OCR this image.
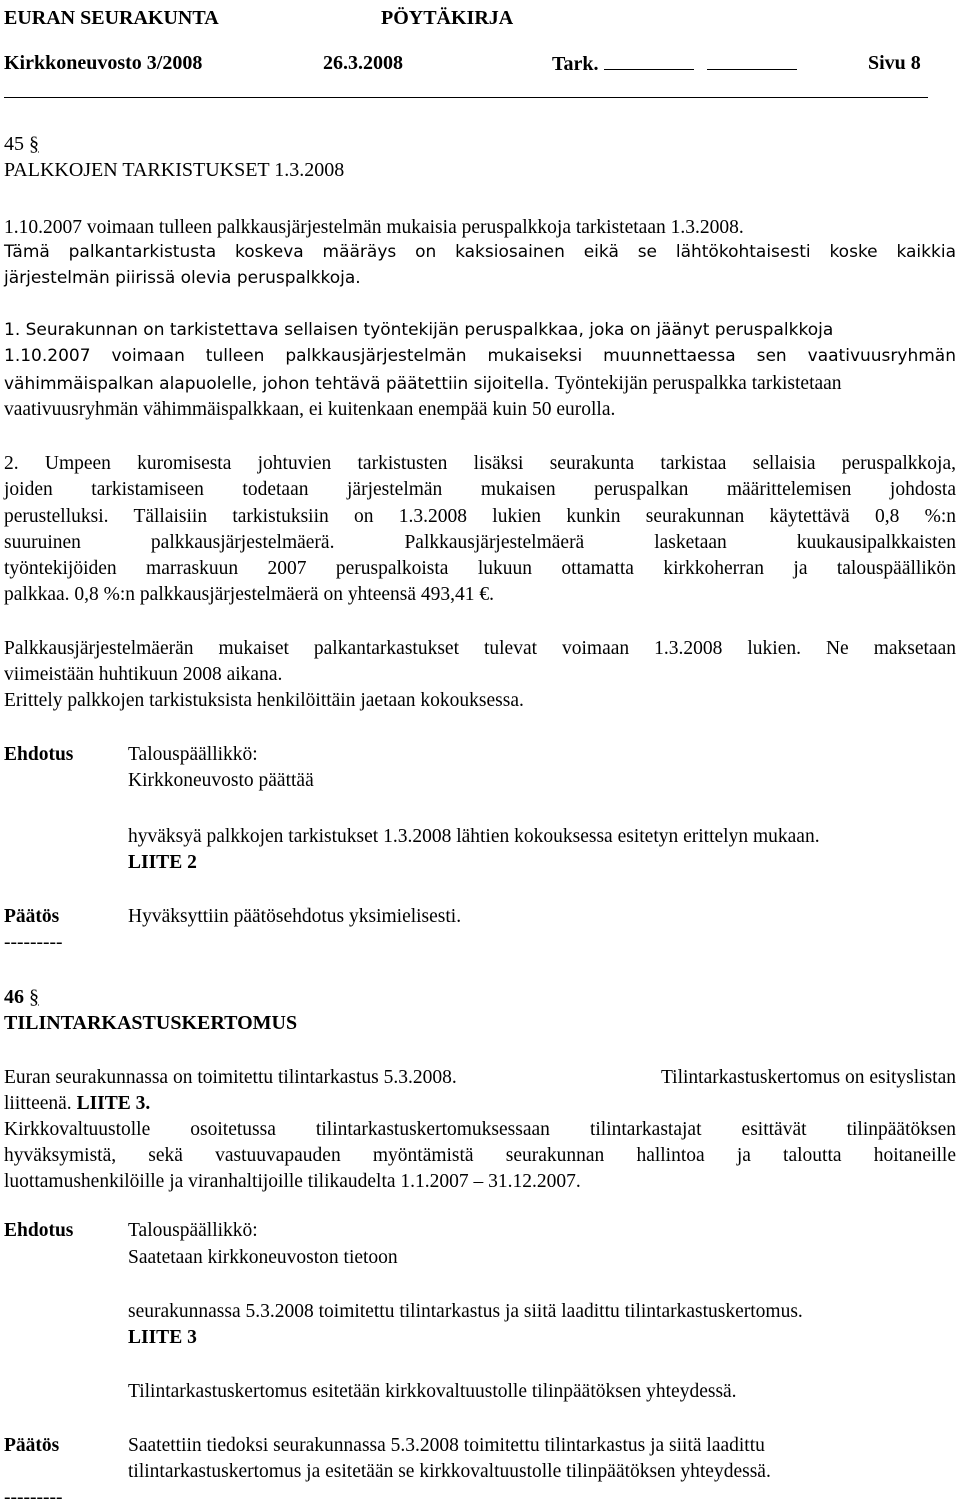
EURAN SEURAKUNTA	PÖYTÄKIRJA
Kirkkoneuvosto 3/2008	26.3.2008	Tark.	Sivu 8
45 §
PALKKOJEN TARKISTUKSET 1.3.2008
1.10.2007 voimaan tulleen palkkausjärjestelmän mukaisia peruspalkkoja tarkistetaan 1.3.2008.
Tämä palkantarkistusta koskeva määräys on kaksiosainen eikä se lähtökohtaisesti koske kaikkia
järjestelmän piirissä olevia peruspalkkoja.
1. Seurakunnan on tarkistettava sellaisen työntekijän peruspalkkaa, joka on jäänyt peruspalkkoja
1.10.2007 voimaan tulleen palkkausjärjestelmän mukaiseksi muunnettaessa sen vaativuusryhmän
vähimmäispalkan alapuolelle, johon tehtävä päätettiin sijoitella. Työntekijän peruspalkka tarkistetaan
vaativuusryhmän vähimmäispalkkaan, ei kuitenkaan enempää kuin 50 eurolla.
2. Umpeen kuromisesta johtuvien tarkistusten lisäksi seurakunta tarkistaa sellaisia peruspalkkoja,
joiden tarkistamiseen todetaan järjestelmän mukaisen peruspalkan määrittelemisen johdosta
perustelluksi. Tällaisiin tarkistuksiin on 1.3.2008 lukien kunkin seurakunnan käytettävä 0,8 %:n
suuruinen palkkausjärjestelmäerä. Palkkausjärjestelmäerä lasketaan kuukausipalkkaisten
työntekijöiden marraskuun 2007 peruspalkoista lukuun ottamatta kirkkoherran ja talouspäällikön
palkkaa. 0,8 %:n palkkausjärjestelmäerä on yhteensä 493,41 €.
Palkkausjärjestelmäerän mukaiset palkantarkastukset tulevat voimaan 1.3.2008 lukien. Ne maksetaan
viimeistään huhtikuun 2008 aikana.
Erittely palkkojen tarkistuksista henkilöittäin jaetaan kokouksessa.
Ehdotus	Talouspäällikkö:
Kirkkoneuvosto päättää
hyväksyä palkkojen tarkistukset 1.3.2008 lähtien kokouksessa esitetyn erittelyn mukaan.
LIITE 2
Päätös	Hyväksyttiin päätösehdotus yksimielisesti.
---------
46 §
TILINTARKASTUSKERTOMUS
Euran seurakunnassa on toimitettu tilintarkastus 5.3.2008.	Tilintarkastuskertomus on esityslistan
liitteenä. LIITE 3.
Kirkkovaltuustolle osoitetussa tilintarkastuskertomuksessaan tilintarkastajat esittävät tilinpäätöksen
hyväksymistä, sekä vastuuvapauden myöntämistä seurakunnan hallintoa ja taloutta hoitaneille
luottamushenkilöille ja viranhaltijoille tilikaudelta 1.1.2007 – 31.12.2007.
Ehdotus	Talouspäällikkö:
Saatetaan kirkkoneuvoston tietoon
seurakunnassa 5.3.2008 toimitettu tilintarkastus ja siitä laadittu tilintarkastuskertomus.
LIITE 3
Tilintarkastuskertomus esitetään kirkkovaltuustolle tilinpäätöksen yhteydessä.
Päätös	Saatettiin tiedoksi seurakunnassa 5.3.2008 toimitettu tilintarkastus ja siitä laadittu
tilintarkastuskertomus ja esitetään se kirkkovaltuustolle tilinpäätöksen yhteydessä.
---------
